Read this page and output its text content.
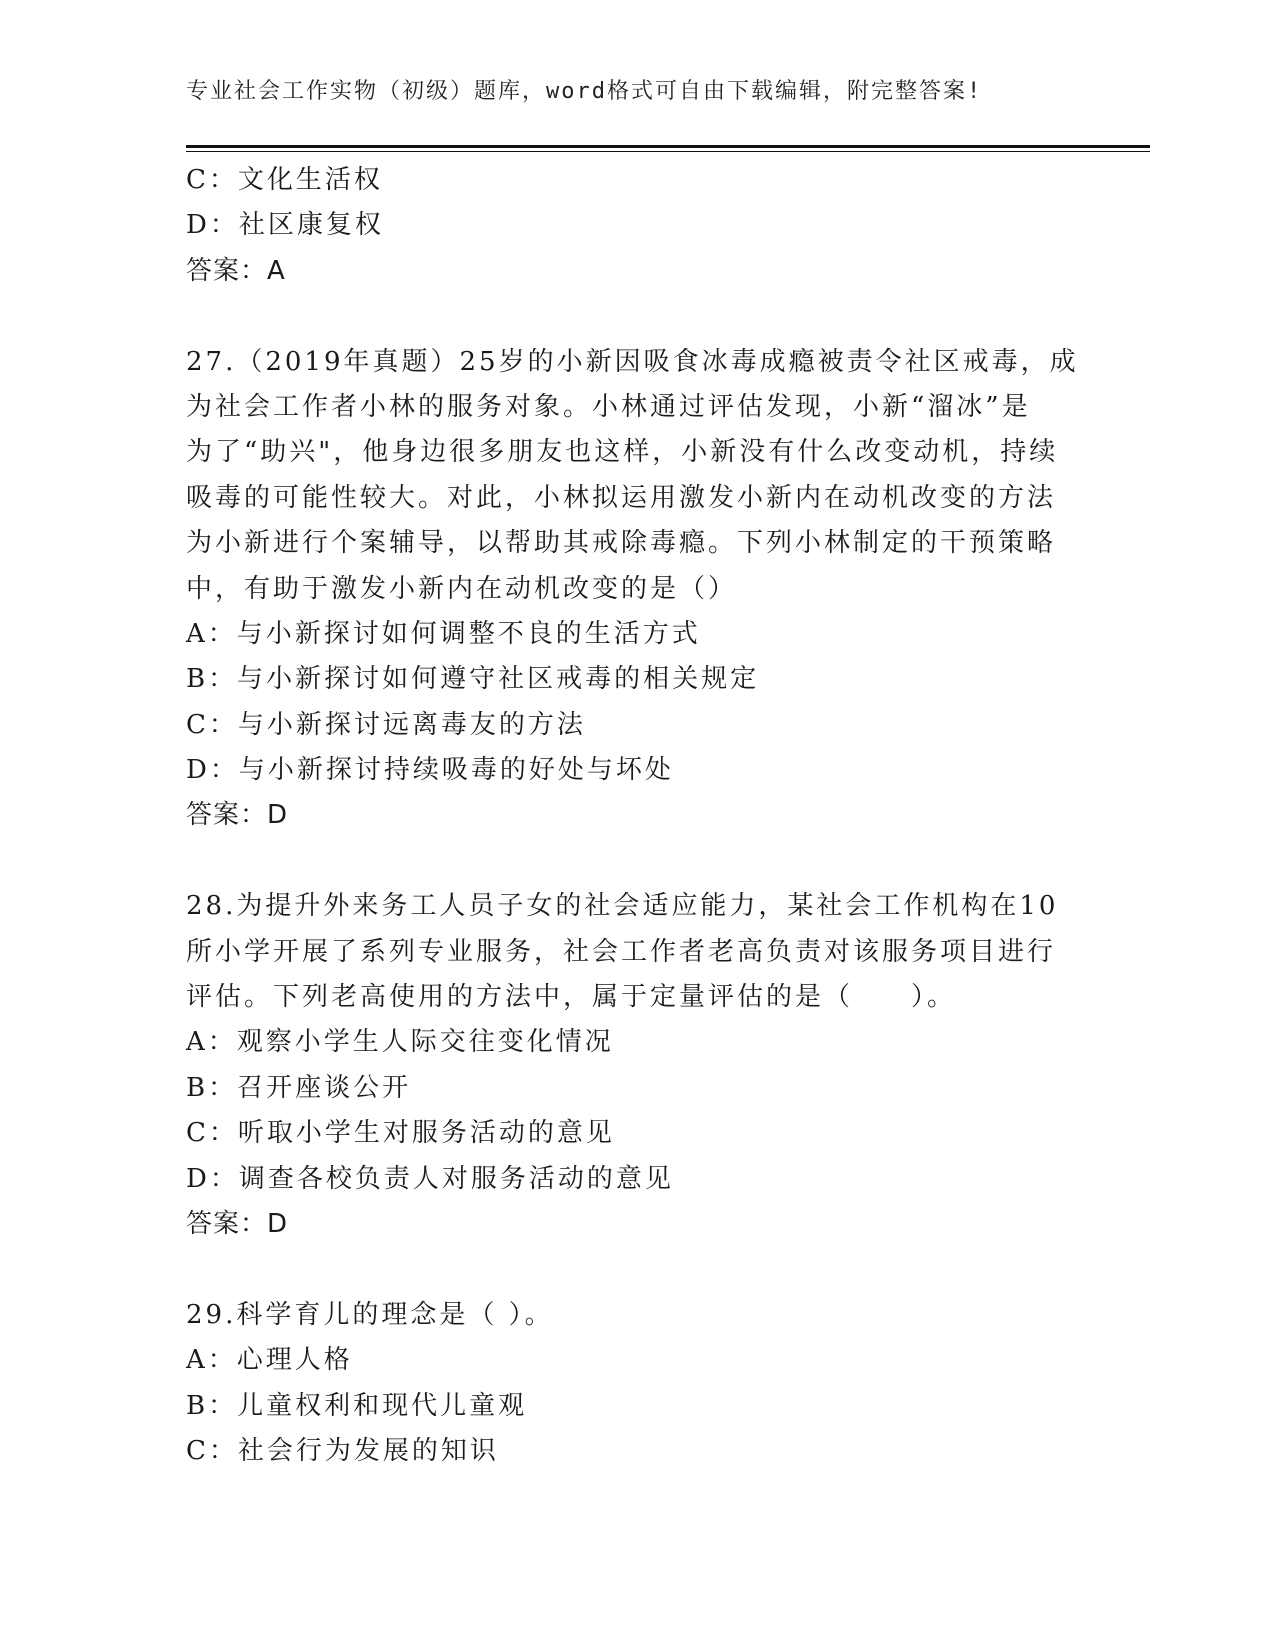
专业社会工作实物（初级）题库，word格式可自由下载编辑，附完整答案!
C：文化生活权
D：社区康复权
答案：A
27.（2019年真题）25岁的小新因吸食冰毒成瘾被责令社区戒毒，成
为社会工作者小林的服务对象。小林通过评估发现，小新“溜冰”是
为了“助兴"，他身边很多朋友也这样，小新没有什么改变动机，持续
吸毒的可能性较大。对此，小林拟运用激发小新内在动机改变的方法
为小新进行个案辅导，以帮助其戒除毒瘾。下列小林制定的干预策略
中，有助于激发小新内在动机改变的是（）
A：与小新探讨如何调整不良的生活方式
B：与小新探讨如何遵守社区戒毒的相关规定
C：与小新探讨远离毒友的方法
D：与小新探讨持续吸毒的好处与坏处
答案：D
28.为提升外来务工人员子女的社会适应能力，某社会工作机构在10
所小学开展了系列专业服务，社会工作者老高负责对该服务项目进行
评估。下列老高使用的方法中，属于定量评估的是（　　）。
A：观察小学生人际交往变化情况
B：召开座谈公开
C：听取小学生对服务活动的意见
D：调查各校负责人对服务活动的意见
答案：D
29.科学育儿的理念是（ ）。
A：心理人格
B：儿童权利和现代儿童观
C：社会行为发展的知识
